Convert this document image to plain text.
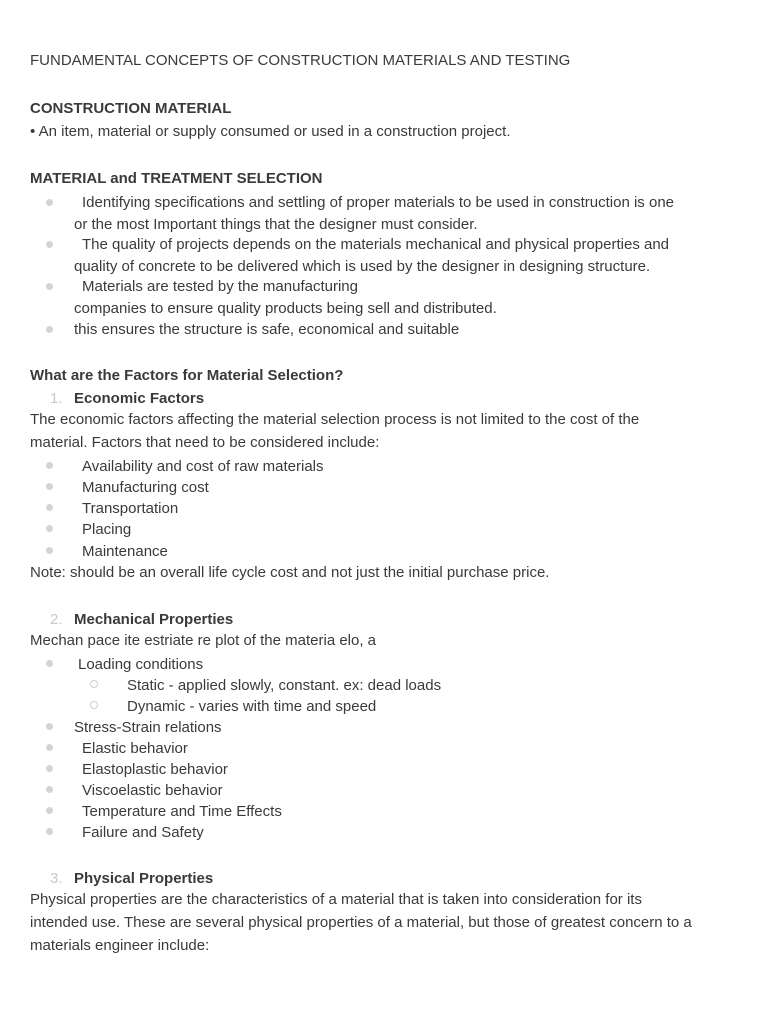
FUNDAMENTAL CONCEPTS OF CONSTRUCTION MATERIALS AND TESTING
CONSTRUCTION MATERIAL
• An item, material or supply consumed or used in a construction project.
MATERIAL and TREATMENT SELECTION
Identifying specifications and settling of proper materials to be used in construction is one
or the most Important things that the designer must consider.
The quality of projects depends on the materials mechanical and physical properties and
quality of concrete to be delivered which is used by the designer in designing structure.
Materials are tested by the manufacturing
companies to ensure quality products being sell and distributed.
this ensures the structure is safe, economical and suitable
What are the Factors for Material Selection?
1. Economic Factors
The economic factors affecting the material selection process is not limited to the cost of the
material. Factors that need to be considered include:
Availability and cost of raw materials
Manufacturing cost
Transportation
Placing
Maintenance
Note: should be an overall life cycle cost and not just the initial purchase price.
2. Mechanical Properties
Mechan pace ite estriate re plot of the materia elo, a
Loading conditions
Static - applied slowly, constant. ex: dead loads
Dynamic - varies with time and speed
Stress-Strain relations
Elastic behavior
Elastoplastic behavior
Viscoelastic behavior
Temperature and Time Effects
Failure and Safety
3. Physical Properties
Physical properties are the characteristics of a material that is taken into consideration for its
intended use. These are several physical properties of a material, but those of greatest concern to a
materials engineer include:
